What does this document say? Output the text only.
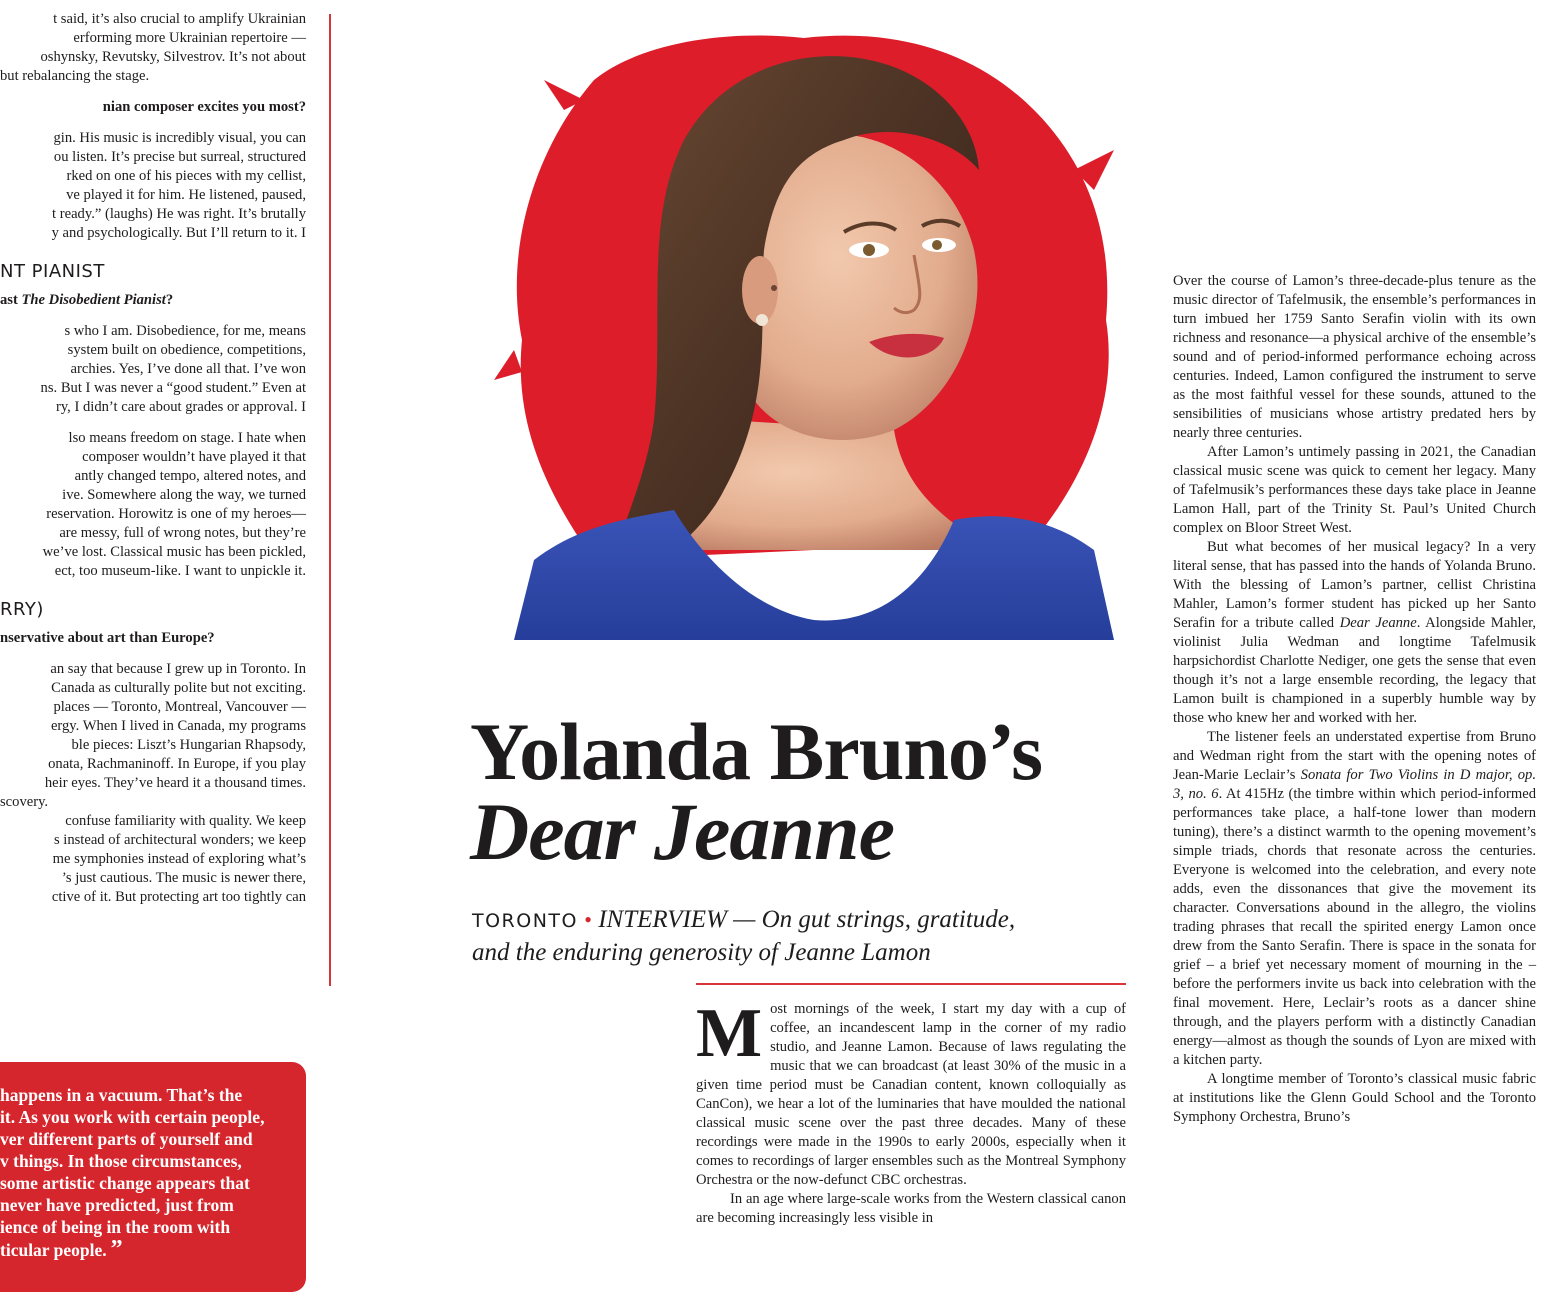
t said, it’s also crucial to amplify Ukrainian
erforming more Ukrainian repertoire —
oshynsky, Revutsky, Silvestrov. It’s not about
but rebalancing the stage.

nian composer excites you most?

gin. His music is incredibly visual, you can
ou listen. It’s precise but surreal, structured
rked on one of his pieces with my cellist,
ve played it for him. He listened, paused,
t ready.” (laughs) He was right. It’s brutally
y and psychologically. But I’ll return to it. I

NT PIANIST
ast The Disobedient Pianist?

s who I am. Disobedience, for me, means
system built on obedience, competitions,
archies. Yes, I’ve done all that. I’ve won
ns. But I was never a “good student.” Even at
ry, I didn’t care about grades or approval. I

lso means freedom on stage. I hate when
composer wouldn’t have played it that
antly changed tempo, altered notes, and
ive. Somewhere along the way, we turned
reservation. Horowitz is one of my heroes—
are messy, full of wrong notes, but they’re
we’ve lost. Classical music has been pickled,
ect, too museum-like. I want to unpickle it.

RRY)
nservative about art than Europe?

an say that because I grew up in Toronto. In
Canada as culturally polite but not exciting.
places — Toronto, Montreal, Vancouver —
ergy. When I lived in Canada, my programs
ble pieces: Liszt’s Hungarian Rhapsody,
onata, Rachmaninoff. In Europe, if you play
heir eyes. They’ve heard it a thousand times.
scovery.
confuse familiarity with quality. We keep
s instead of architectural wonders; we keep
me symphonies instead of exploring what’s
’s just cautious. The music is newer there,
ctive of it. But protecting art too tightly can

happens in a vacuum. That’s the
it. As you work with certain people,
ver different parts of yourself and
v things. In those circumstances,
some artistic change appears that
never have predicted, just from
ience of being in the room with
ticular people. ”
Yolanda Bruno’s
Dear Jeanne
TORONTO • INTERVIEW — On gut strings, gratitude,
and the enduring generosity of Jeanne Lamon

Most mornings of the week, I start my day with a cup of coffee, an incandescent lamp in the corner of my radio studio, and Jeanne Lamon. Because of laws regulating the music that we can broadcast (at least 30% of the music in a given time period must be Canadian content, known colloquially as CanCon), we hear a lot of the luminaries that have moulded the national classical music scene over the past three decades. Many of these recordings were made in the 1990s to early 2000s, especially when it comes to recordings of larger ensembles such as the Montreal Symphony Orchestra or the now-defunct CBC orchestras.

In an age where large-scale works from the Western classical canon are becoming increasingly less visible in

Over the course of Lamon’s three-decade-plus tenure as the music director of Tafelmusik, the ensemble’s performances in turn imbued her 1759 Santo Serafin violin with its own richness and resonance—a physical archive of the ensemble’s sound and of period-informed performance echoing across centuries. Indeed, Lamon configured the instrument to serve as the most faithful vessel for these sounds, attuned to the sensibilities of musicians whose artistry predated hers by nearly three centuries.

After Lamon’s untimely passing in 2021, the Canadian classical music scene was quick to cement her legacy. Many of Tafelmusik’s performances these days take place in Jeanne Lamon Hall, part of the Trinity St. Paul’s United Church complex on Bloor Street West.

But what becomes of her musical legacy? In a very literal sense, that has passed into the hands of Yolanda Bruno. With the blessing of Lamon’s partner, cellist Christina Mahler, Lamon’s former student has picked up her Santo Serafin for a tribute called Dear Jeanne. Alongside Mahler, violinist Julia Wedman and longtime Tafelmusik harpsichordist Charlotte Nediger, one gets the sense that even though it’s not a large ensemble recording, the legacy that Lamon built is championed in a superbly humble way by those who knew her and worked with her.

The listener feels an understated expertise from Bruno and Wedman right from the start with the opening notes of Jean-Marie Leclair’s Sonata for Two Violins in D major, op. 3, no. 6. At 415Hz (the timbre within which period-informed performances take place, a half-tone lower than modern tuning), there’s a distinct warmth to the opening movement’s simple triads, chords that resonate across the centuries. Everyone is welcomed into the celebration, and every note adds, even the dissonances that give the movement its character. Conversations abound in the allegro, the violins trading phrases that recall the spirited energy Lamon once drew from the Santo Serafin. There is space in the sonata for grief – a brief yet necessary moment of mourning in the – before the performers invite us back into celebration with the final movement. Here, Leclair’s roots as a dancer shine through, and the players perform with a distinctly Canadian energy—almost as though the sounds of Lyon are mixed with a kitchen party.

A longtime member of Toronto’s classical music fabric at institutions like the Glenn Gould School and the Toronto Symphony Orchestra, Bruno’s
